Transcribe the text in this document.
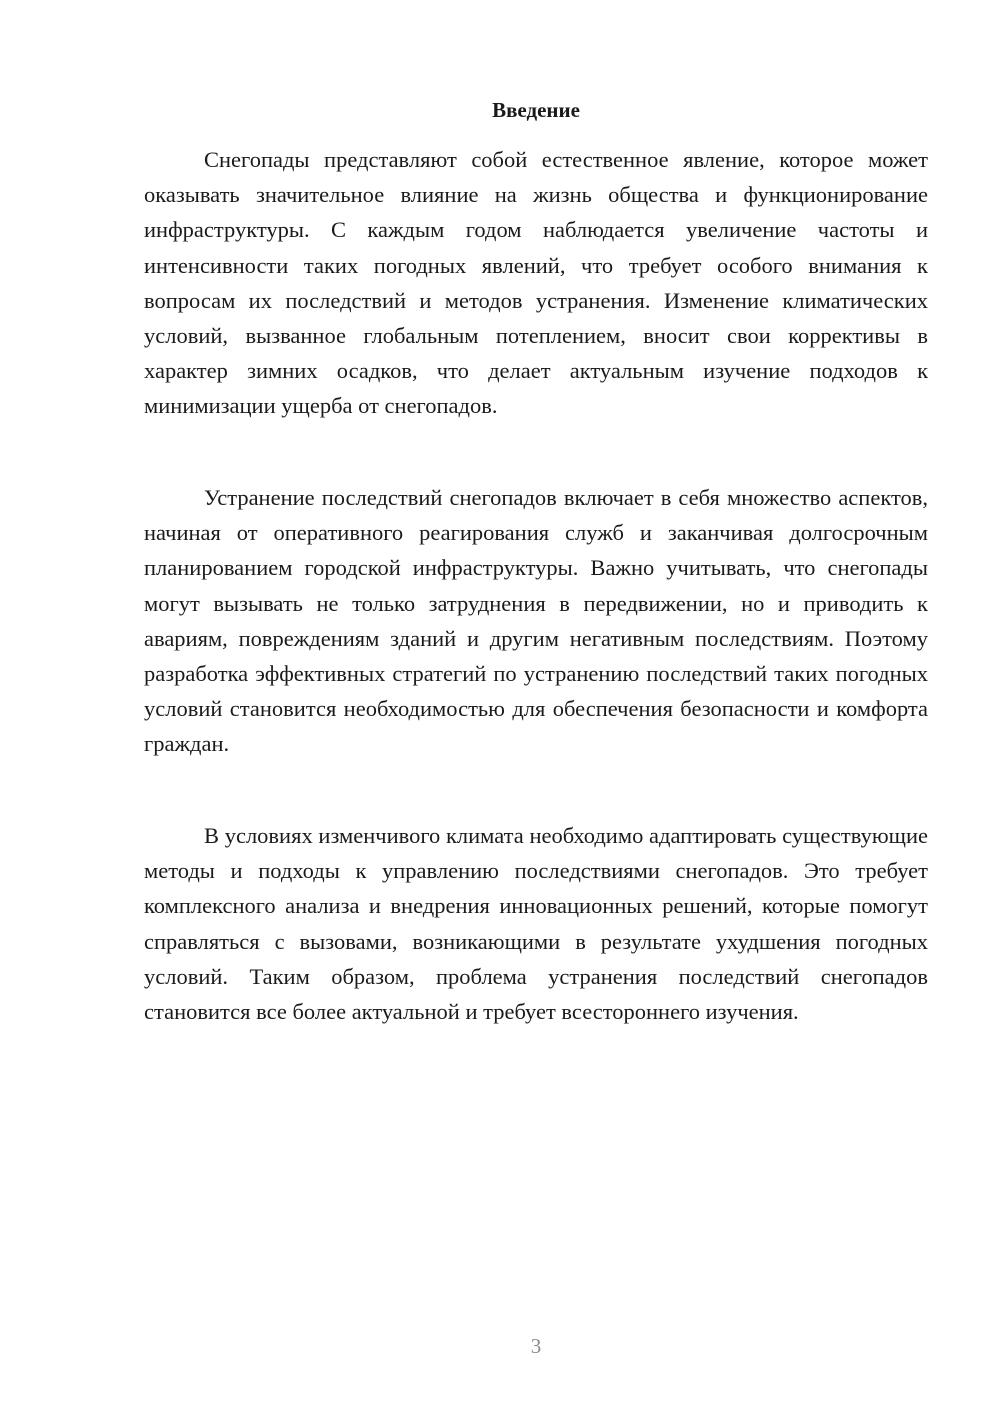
Введение

Снегопады представляют собой естественное явление, которое может оказывать значительное влияние на жизнь общества и функционирование инфраструктуры. С каждым годом наблюдается увеличение частоты и интенсивности таких погодных явлений, что требует особого внимания к вопросам их последствий и методов устранения. Изменение климатических условий, вызванное глобальным потеплением, вносит свои коррективы в характер зимних осадков, что делает актуальным изучение подходов к минимизации ущерба от снегопадов.

Устранение последствий снегопадов включает в себя множество аспектов, начиная от оперативного реагирования служб и заканчивая долгосрочным планированием городской инфраструктуры. Важно учитывать, что снегопады могут вызывать не только затруднения в передвижении, но и приводить к авариям, повреждениям зданий и другим негативным последствиям. Поэтому разработка эффективных стратегий по устранению последствий таких погодных условий становится необходимостью для обеспечения безопасности и комфорта граждан.

В условиях изменчивого климата необходимо адаптировать существующие методы и подходы к управлению последствиями снегопадов. Это требует комплексного анализа и внедрения инновационных решений, которые помогут справляться с вызовами, возникающими в результате ухудшения погодных условий. Таким образом, проблема устранения последствий снегопадов становится все более актуальной и требует всестороннего изучения.

3
